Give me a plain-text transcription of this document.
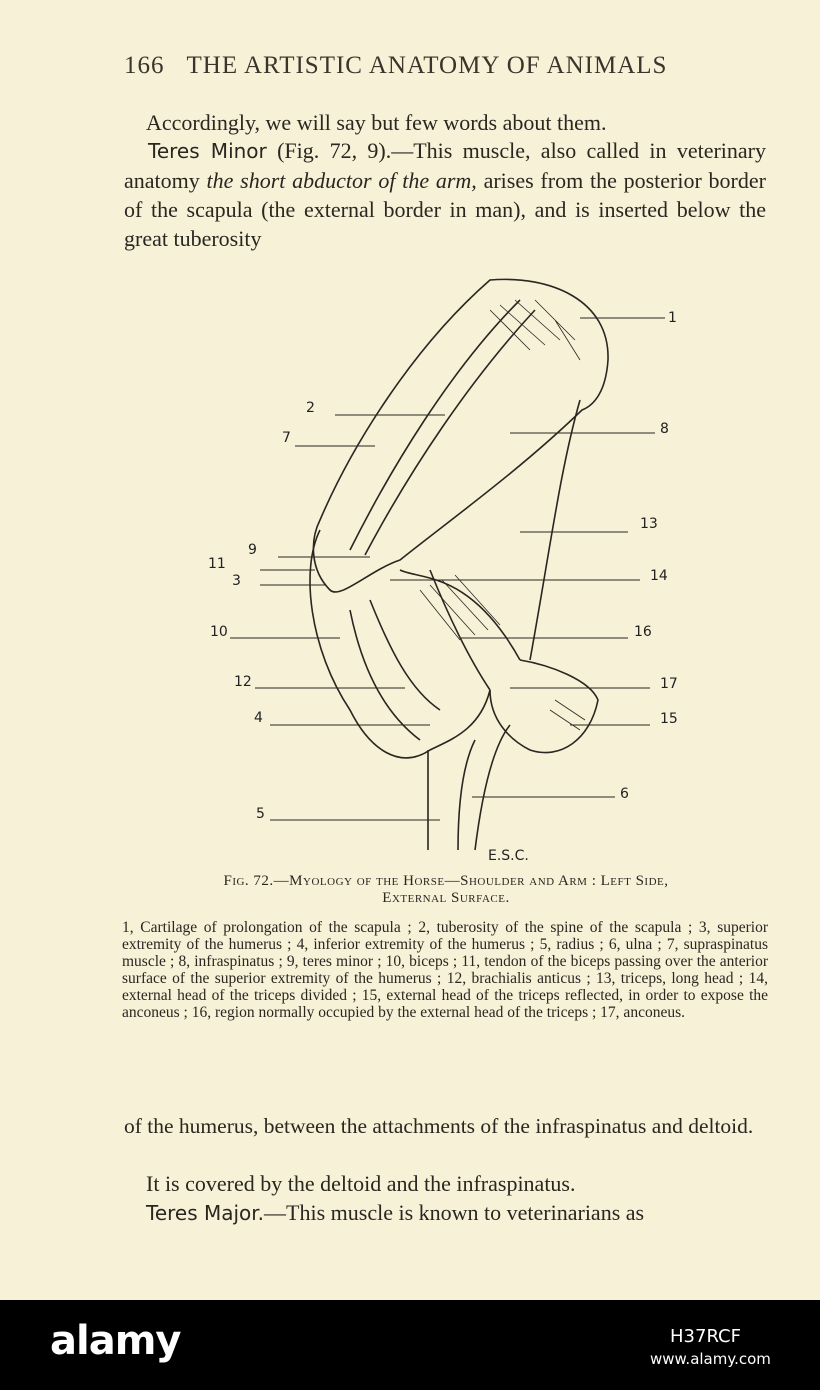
166 THE ARTISTIC ANATOMY OF ANIMALS
Accordingly, we will say but few words about them.
Teres Minor (Fig. 72, 9).—This muscle, also called in veterinary anatomy the short abductor of the arm, arises from the posterior border of the scapula (the external border in man), and is inserted below the great tuberosity
1
2
7
8
9
11
3
13
14
10	16
12	17
4	15
6
5
E.S.C.
Fig. 72.—Myology of the Horse—Shoulder and Arm : Left Side,
External Surface.
1, Cartilage of prolongation of the scapula ; 2, tuberosity of the spine of the scapula ; 3, superior extremity of the humerus ; 4, inferior extremity of the humerus ; 5, radius ; 6, ulna ; 7, supraspinatus muscle ; 8, infraspinatus ; 9, teres minor ; 10, biceps ; 11, tendon of the biceps passing over the anterior surface of the superior extremity of the humerus ; 12, brachialis anticus ; 13, triceps, long head ; 14, external head of the triceps divided ; 15, external head of the triceps reflected, in order to expose the anconeus ; 16, region normally occupied by the external head of the triceps ; 17, anconeus.
of the humerus, between the attachments of the infraspinatus and deltoid.
It is covered by the deltoid and the infraspinatus.
Teres Major.—This muscle is known to veterinarians as
alamy	H37RCF
www.alamy.com
